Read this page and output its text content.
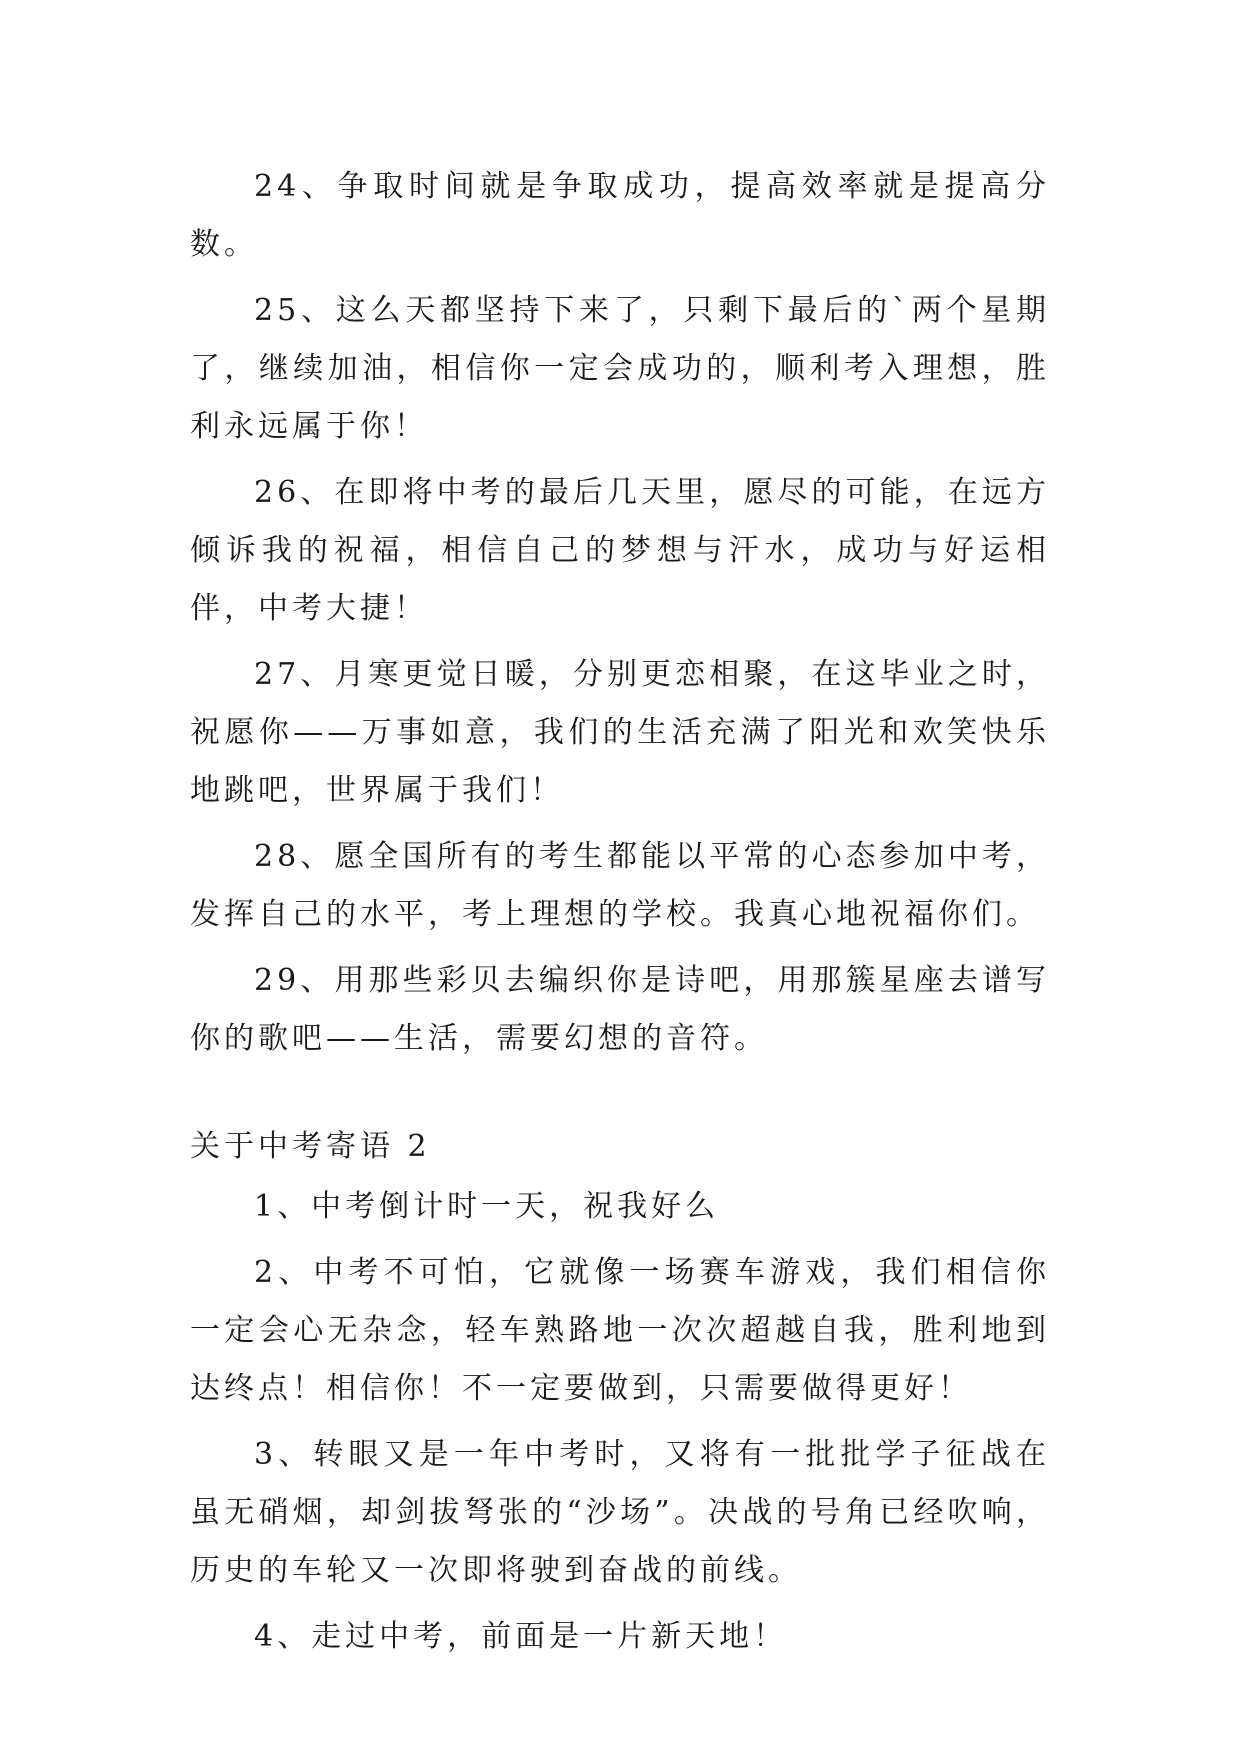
24、争取时间就是争取成功，提高效率就是提高分数。

25、这么天都坚持下来了，只剩下最后的`两个星期了，继续加油，相信你一定会成功的，顺利考入理想，胜利永远属于你！

26、在即将中考的最后几天里，愿尽的可能，在远方倾诉我的祝福，相信自己的梦想与汗水，成功与好运相伴，中考大捷！

27、月寒更觉日暖，分别更恋相聚，在这毕业之时，祝愿你——万事如意，我们的生活充满了阳光和欢笑快乐地跳吧，世界属于我们！

28、愿全国所有的考生都能以平常的心态参加中考，发挥自己的水平，考上理想的学校。我真心地祝福你们。

29、用那些彩贝去编织你是诗吧，用那簇星座去谱写你的歌吧——生活，需要幻想的音符。

关于中考寄语 2

1、中考倒计时一天，祝我好么

2、中考不可怕，它就像一场赛车游戏，我们相信你一定会心无杂念，轻车熟路地一次次超越自我，胜利地到达终点！相信你！不一定要做到，只需要做得更好！

3、转眼又是一年中考时，又将有一批批学子征战在虽无硝烟，却剑拔弩张的“沙场”。决战的号角已经吹响，历史的车轮又一次即将驶到奋战的前线。

4、走过中考，前面是一片新天地！
